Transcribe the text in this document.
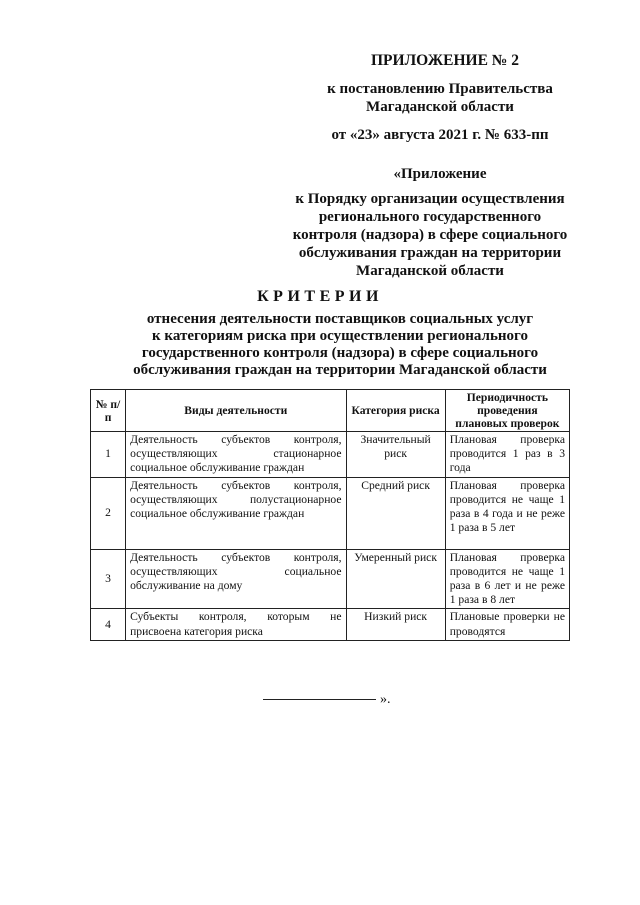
ПРИЛОЖЕНИЕ № 2
к постановлению Правительства
Магаданской области
от «23» августа 2021 г. № 633-пп
«Приложение
к Порядку организации осуществления
регионального государственного
контроля (надзора) в сфере социального
обслуживания граждан на территории
Магаданской области
КРИТЕРИИ
отнесения деятельности поставщиков социальных услуг
к категориям риска при осуществлении регионального
государственного контроля (надзора) в сфере социального
обслуживания граждан на территории Магаданской области
№ п/п	Виды деятельности	Категория риска	Периодичность проведения плановых проверок
1	Деятельность субъектов контроля, осуществляющих стационарное социальное обслуживание граждан	Значительный риск	Плановая проверка проводится 1 раз в 3 года
2	Деятельность субъектов контроля, осуществляющих полустационарное социальное обслуживание граждан	Средний риск	Плановая проверка проводится не чаще 1 раза в 4 года и не реже 1 раза в 5 лет
3	Деятельность субъектов контроля, осуществляющих социальное обслуживание на дому	Умеренный риск	Плановая проверка проводится не чаще 1 раза в 6 лет и не реже 1 раза в 8 лет
4	Субъекты контроля, которым не присвоена категория риска	Низкий риск	Плановые проверки не проводятся
».
